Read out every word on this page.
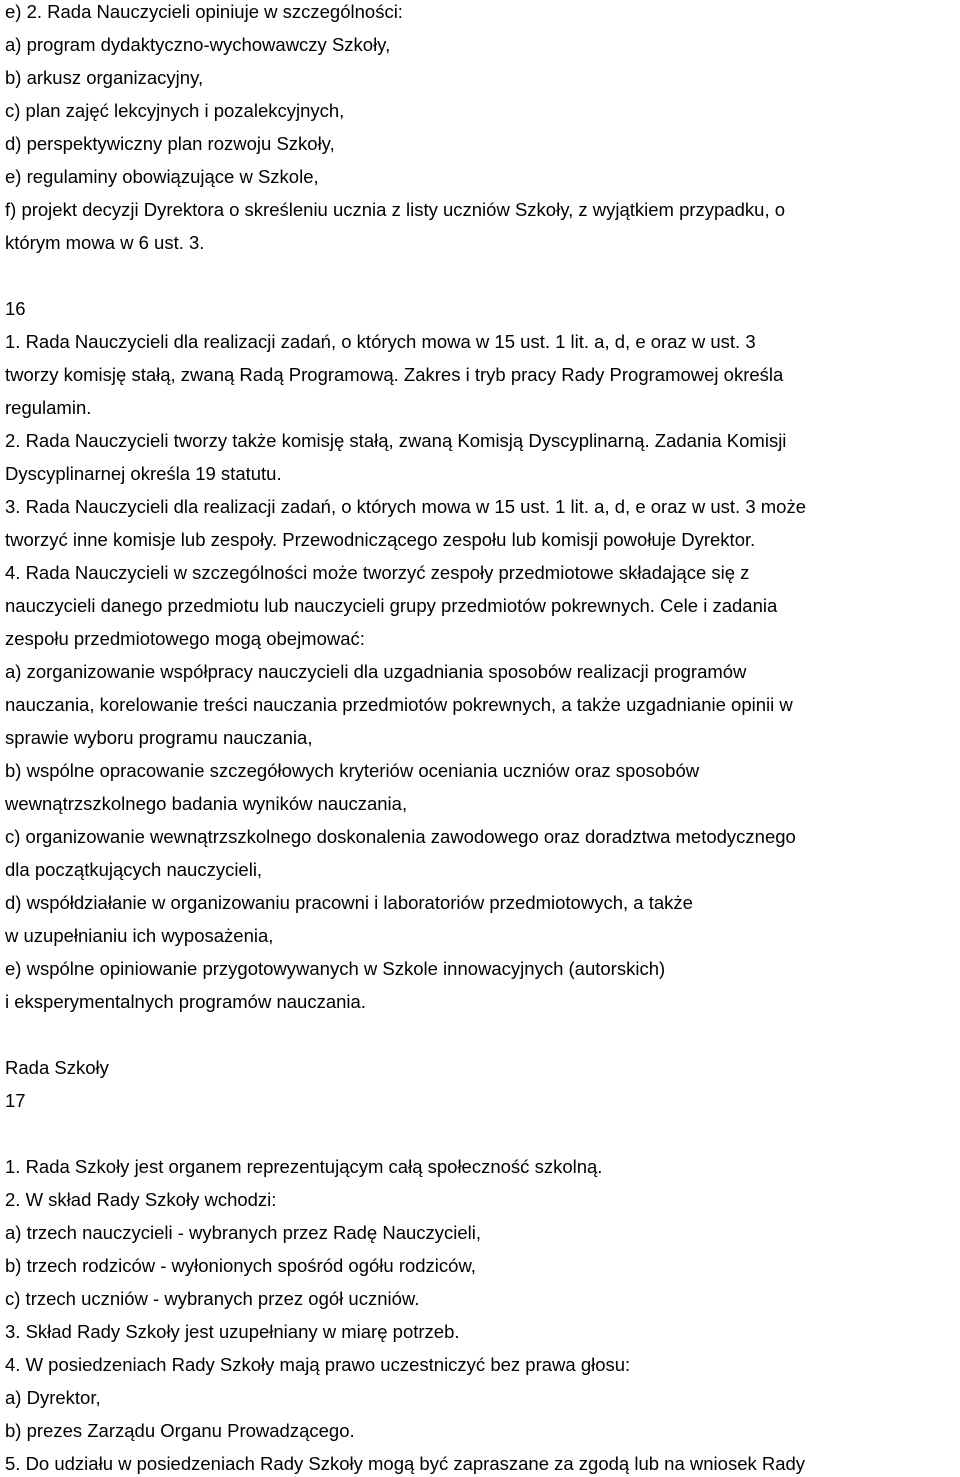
e) 2. Rada Nauczycieli opiniuje w szczególności:
a) program dydaktyczno-wychowawczy Szkoły,
b) arkusz organizacyjny,
c) plan zajęć lekcyjnych i pozalekcyjnych,
d) perspektywiczny plan rozwoju Szkoły,
e) regulaminy obowiązujące w Szkole,
f) projekt decyzji Dyrektora o skreśleniu ucznia z listy uczniów Szkoły, z wyjątkiem przypadku, o
którym mowa w 6 ust. 3.
16
1. Rada Nauczycieli dla realizacji zadań, o których mowa w 15 ust. 1 lit. a, d, e oraz w ust. 3
tworzy komisję stałą, zwaną Radą Programową. Zakres i tryb pracy Rady Programowej określa
regulamin.
2. Rada Nauczycieli tworzy także komisję stałą, zwaną Komisją Dyscyplinarną. Zadania Komisji
Dyscyplinarnej określa 19 statutu.
3. Rada Nauczycieli dla realizacji zadań, o których mowa w 15 ust. 1 lit. a, d, e oraz w ust. 3 może
tworzyć inne komisje lub zespoły. Przewodniczącego zespołu lub komisji powołuje Dyrektor.
4. Rada Nauczycieli w szczególności może tworzyć zespoły przedmiotowe składające się z
nauczycieli danego przedmiotu lub nauczycieli grupy przedmiotów pokrewnych. Cele i zadania
zespołu przedmiotowego mogą obejmować:
a) zorganizowanie współpracy nauczycieli dla uzgadniania sposobów realizacji programów
nauczania, korelowanie treści nauczania przedmiotów pokrewnych, a także uzgadnianie opinii w
sprawie wyboru programu nauczania,
b) wspólne opracowanie szczegółowych kryteriów oceniania uczniów oraz sposobów
wewnątrzszkolnego badania wyników nauczania,
c) organizowanie wewnątrzszkolnego doskonalenia zawodowego oraz doradztwa metodycznego
dla początkujących nauczycieli,
d) współdziałanie w organizowaniu pracowni i laboratoriów przedmiotowych, a także
w uzupełnianiu ich wyposażenia,
e) wspólne opiniowanie przygotowywanych w Szkole innowacyjnych (autorskich)
i eksperymentalnych programów nauczania.
Rada Szkoły
17
1. Rada Szkoły jest organem reprezentującym całą społeczność szkolną.
2. W skład Rady Szkoły wchodzi:
a) trzech nauczycieli - wybranych przez Radę Nauczycieli,
b) trzech rodziców - wyłonionych spośród ogółu rodziców,
c) trzech uczniów - wybranych przez ogół uczniów.
3. Skład Rady Szkoły jest uzupełniany w miarę potrzeb.
4. W posiedzeniach Rady Szkoły mają prawo uczestniczyć bez prawa głosu:
a) Dyrektor,
b) prezes Zarządu Organu Prowadzącego.
5. Do udziału w posiedzeniach Rady Szkoły mogą być zapraszane za zgodą lub na wniosek Rady
